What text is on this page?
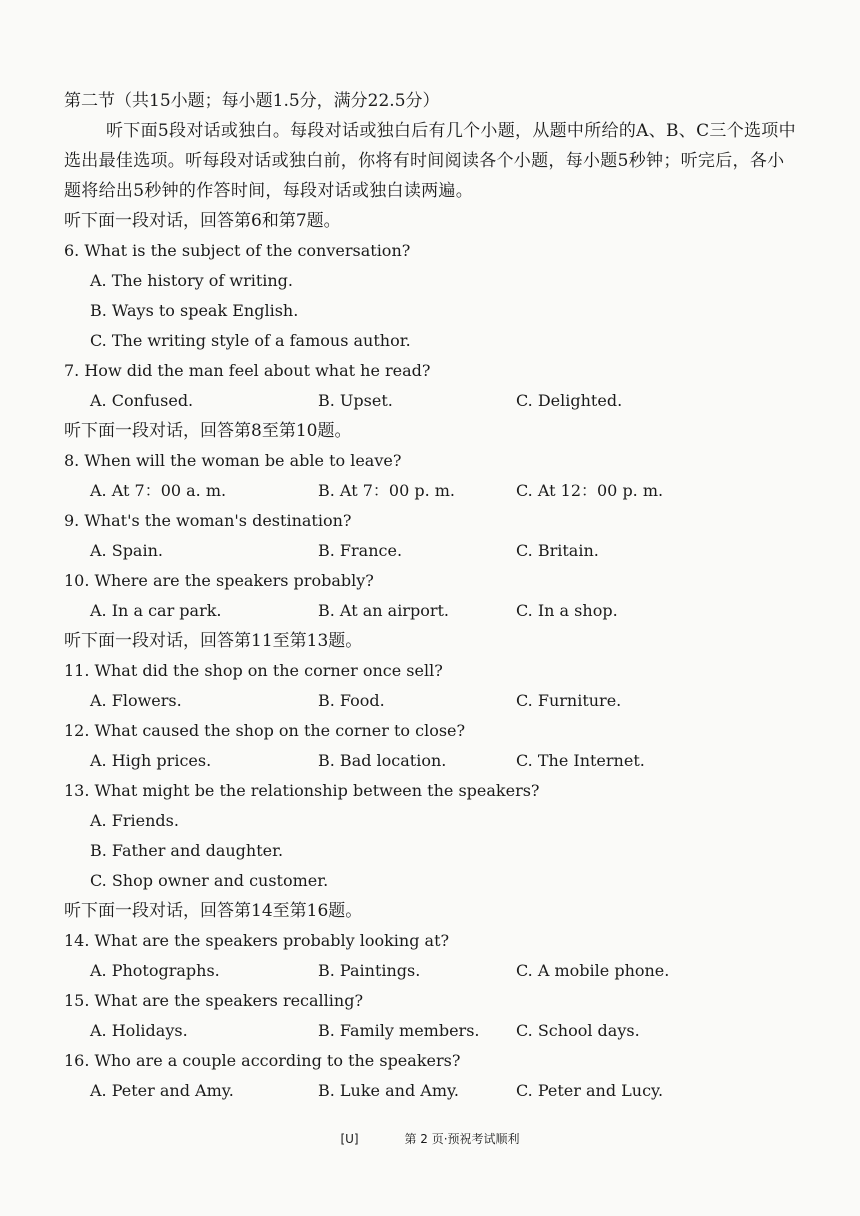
第二节（共15小题；每小题1.5分，满分22.5分）

听下面5段对话或独白。每段对话或独白后有几个小题，从题中所给的A、B、C三个选项中选出最佳选项。听每段对话或独白前，你将有时间阅读各个小题，每小题5秒钟；听完后，各小题将给出5秒钟的作答时间，每段对话或独白读两遍。

听下面一段对话，回答第6和第7题。

6. What is the subject of the conversation?

A. The history of writing.
B. Ways to speak English.
C. The writing style of a famous author.

7. How did the man feel about what he read?

A. Confused.	B. Upset.	C. Delighted.

听下面一段对话，回答第8至第10题。

8. When will the woman be able to leave?

A. At 7：00 a. m.	B. At 7：00 p. m.	C. At 12：00 p. m.

9. What's the woman's destination?

A. Spain.	B. France.	C. Britain.

10. Where are the speakers probably?

A. In a car park.	B. At an airport.	C. In a shop.

听下面一段对话，回答第11至第13题。

11. What did the shop on the corner once sell?

A. Flowers.	B. Food.	C. Furniture.

12. What caused the shop on the corner to close?

A. High prices.	B. Bad location.	C. The Internet.

13. What might be the relationship between the speakers?

A. Friends.
B. Father and daughter.
C. Shop owner and customer.

听下面一段对话，回答第14至第16题。

14. What are the speakers probably looking at?

A. Photographs.	B. Paintings.	C. A mobile phone.

15. What are the speakers recalling?

A. Holidays.	B. Family members.	C. School days.

16. Who are a couple according to the speakers?

A. Peter and Amy.	B. Luke and Amy.	C. Peter and Lucy.
[U]	第 2 页·预祝考试顺利
